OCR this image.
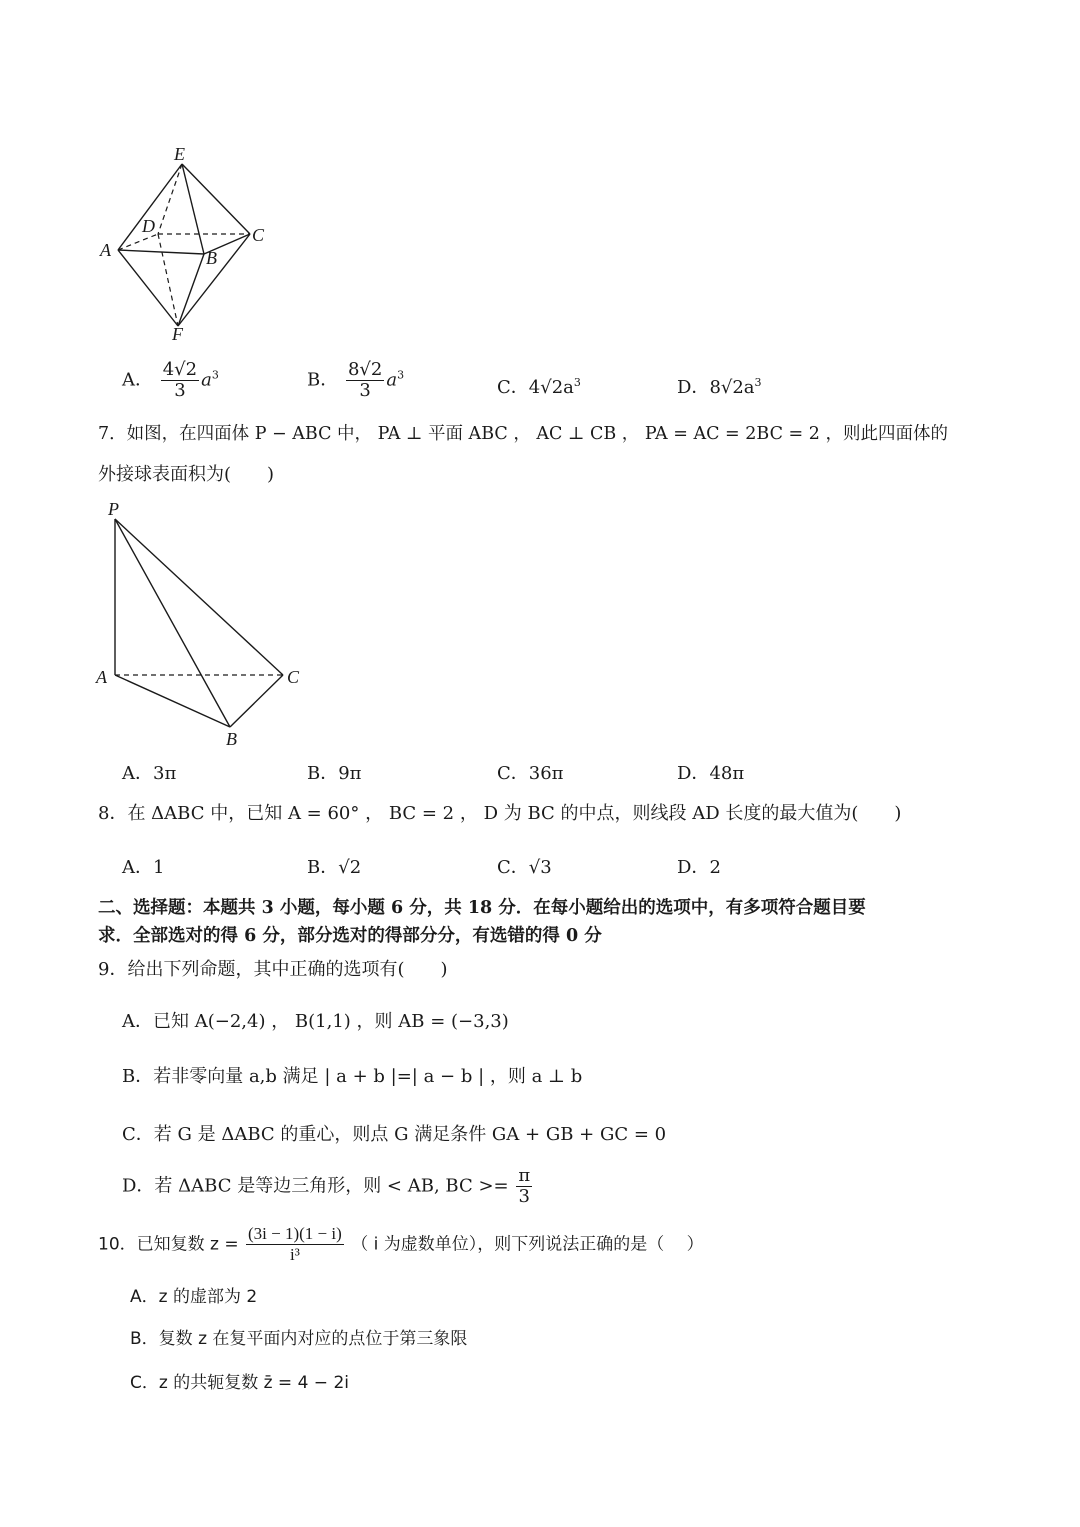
E
D
A	B
C
F
A． $\frac{4√2}{3} a^3$	B． $\frac{8√2}{3} a^3$
C．$4√2a^3$	D．$8√2a^3$
7．如图，在四面体 P − ABC 中， PA ⊥ 平面 ABC ， AC ⊥ CB ， PA = AC = 2BC = 2 ，则此四面体的
外接球表面积为(　　)
P
A	C
B
A．3π	B．9π	C．36π	D．48π
8．在 ΔABC 中，已知 A = 60° ， BC = 2 ， D 为 BC 的中点，则线段 AD 长度的最大值为(　　)
A．1	B．√2	C．√3	D．2
二、选择题：本题共 3 小题，每小题 6 分，共 18 分．在每小题给出的选项中，有多项符合题目要
求．全部选对的得 6 分，部分选对的得部分分，有选错的得 0 分
9．给出下列命题，其中正确的选项有(　　)
A．已知 A(−2,4) ， B(1,1) ，则 AB = (−3,3)
B．若非零向量 a,b 满足 | a + b |=| a − b | ，则 a ⊥ b
C．若 G 是 ΔABC 的重心，则点 G 满足条件 GA + GB + GC = 0
D．若 ΔABC 是等边三角形，则 < AB, BC >= $\frac{\pi}{3}$
10．已知复数 $z = \frac{(3i - 1)(1 - i)}{\text{i³}}$ （ i 为虚数单位），则下列说法正确的是（　 ）
A．z 的虚部为 2
B．复数 z 在复平面内对应的点位于第三象限
C．z 的共轭复数 z̄ = 4 − 2i
